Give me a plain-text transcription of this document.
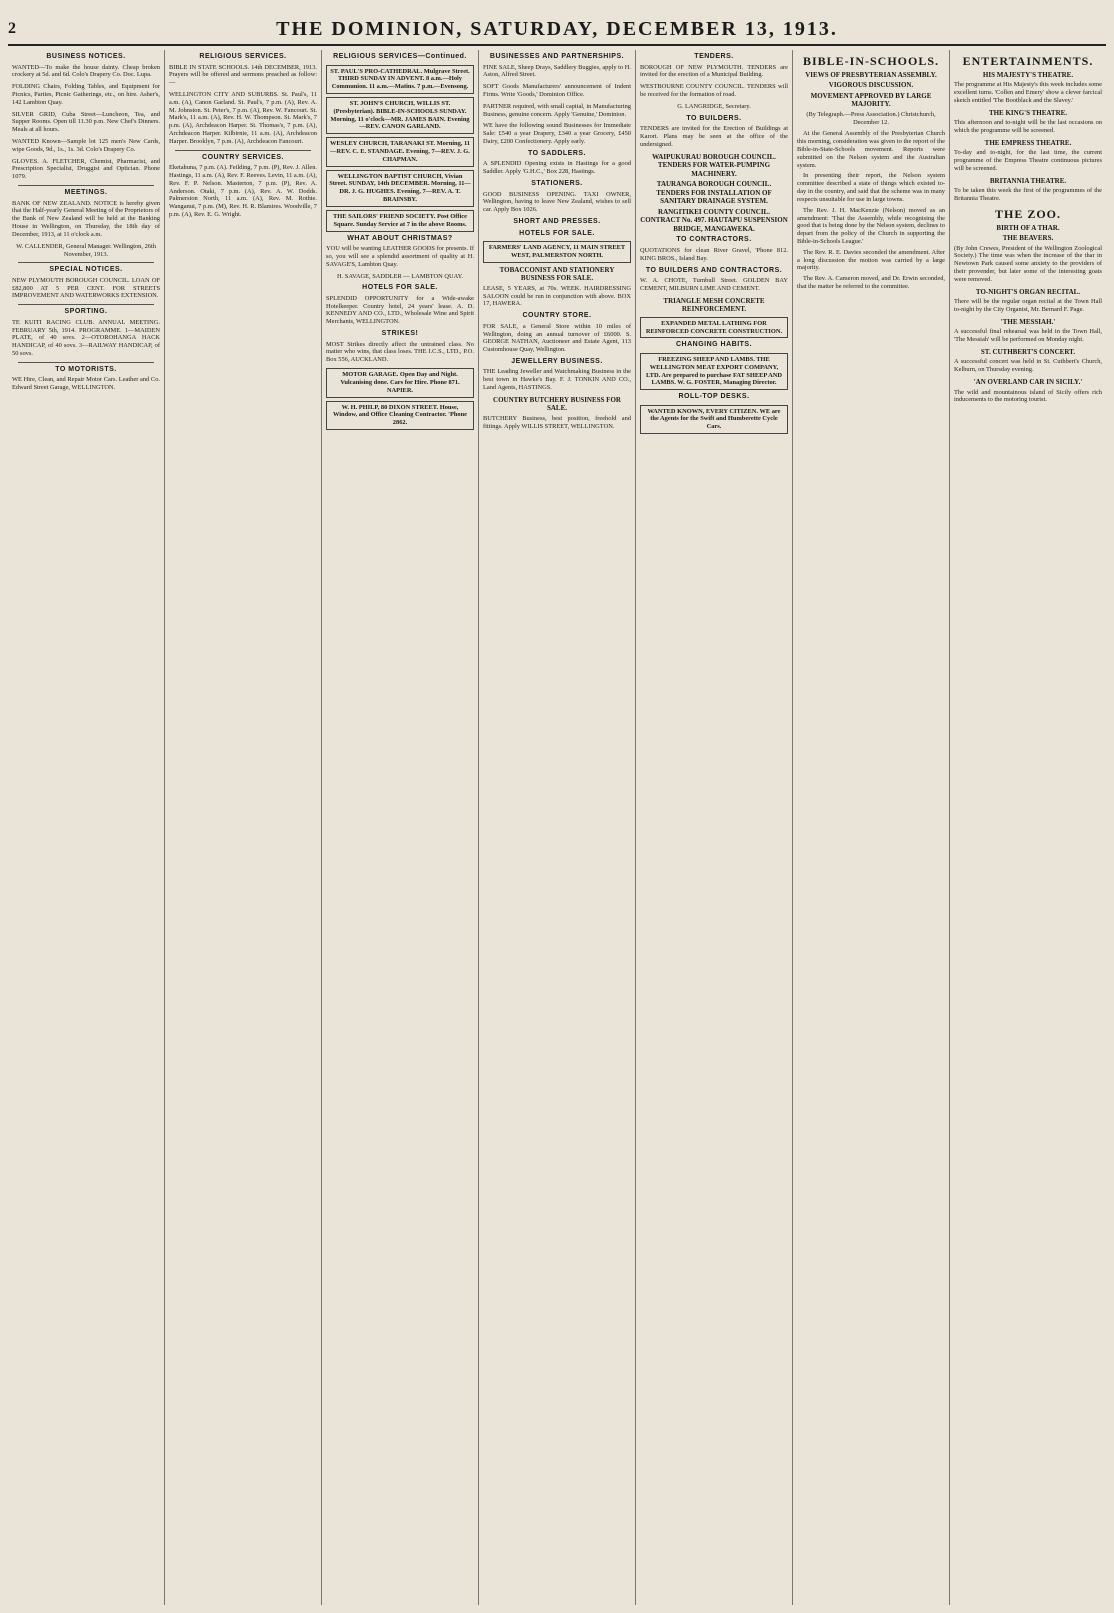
2	THE DOMINION, SATURDAY, DECEMBER 13, 1913.
BUSINESS NOTICES.
WANTED—To make the house dainty. Cheap broken crockery at 5d. and 6d. Colo's Drapery Co. Doc. Lupa.
FOLDING Chairs, Folding Tables, and Equipment for Picnics, Parties, Picnic Gatherings, etc., on hire. Asher's, 142 Lambton Quay.
SILVER GRID, Cuba Street—Luncheon, Tea, and Supper Rooms. Open till 11.30 p.m. New Chef's Dinners. Meals at all hours.
WANTED Known—Sample lot 125 men's New Cards, wipe Goods, 9d., 1s., 1s. 3d. Colo's Drapery Co.
GLOVES. A. FLETCHER, Chemist, Pharmacist, and Prescription Specialist, Druggist and Optician. Phone 1079.
MEETINGS.
BANK OF NEW ZEALAND. NOTICE is hereby given that the Half-yearly General Meeting of the Proprietors of the Bank of New Zealand will be held at the Banking House in Wellington, on Thursday, the 18th day of December, 1913, at 11 o'clock a.m.
W. CALLENDER, General Manager. Wellington, 26th November, 1913.
SPECIAL NOTICES.
NEW PLYMOUTH BOROUGH COUNCIL. LOAN OF £82,800 AT 5 PER CENT. FOR STREETS IMPROVEMENT AND WATERWORKS EXTENSION.
SPORTING.
TE KUITI RACING CLUB. ANNUAL MEETING. FEBRUARY 5th, 1914. PROGRAMME. 1—MAIDEN PLATE, of 40 sovs. 2—OTOROHANGA HACK HANDICAP, of 40 sovs. 3—RAILWAY HANDICAP, of 50 sovs.
TO MOTORISTS.
WE Hire, Clean, and Repair Motor Cars. Leather and Co. Edward Street Garage, WELLINGTON.
RELIGIOUS SERVICES.
BIBLE IN STATE SCHOOLS. 14th DECEMBER, 1913. Prayers will be offered and sermons preached as follow:—
WELLINGTON CITY AND SUBURBS. St. Paul's, 11 a.m. (A), Canon Garland. St. Paul's, 7 p.m. (A), Rev. A. M. Johnston. St. Peter's, 7 p.m. (A), Rev. W. Fancourt. St. Mark's, 11 a.m. (A), Rev. H. W. Thompson. St. Mark's, 7 p.m. (A), Archdeacon Harper. St. Thomas's, 7 p.m. (A), Archdeacon Harper. Kilbirnie, 11 a.m. (A), Archdeacon Harper. Brooklyn, 7 p.m. (A), Archdeacon Fancourt.
COUNTRY SERVICES.
Eketahuna, 7 p.m. (A). Feilding, 7 p.m. (P), Rev. J. Allen. Hastings, 11 a.m. (A), Rev. F. Reeves. Levin, 11 a.m. (A), Rev. F. P. Nelson. Masterton, 7 p.m. (P), Rev. A. Anderson. Otaki, 7 p.m. (A), Rev. A. W. Dodds. Palmerston North, 11 a.m. (A), Rev. M. Rothie. Wanganui, 7 p.m. (M), Rev. H. R. Blamires. Woodville, 7 p.m. (A), Rev. E. G. Wright.
RELIGIOUS SERVICES—Continued.
ST. PAUL'S PRO-CATHEDRAL. Mulgrave Street. THIRD SUNDAY IN ADVENT. 8 a.m.—Holy Communion. 11 a.m.—Matins. 7 p.m.—Evensong.
ST. JOHN'S CHURCH, WILLIS ST. (Presbyterian). BIBLE-IN-SCHOOLS SUNDAY. Morning, 11 o'clock—MR. JAMES BAIN. Evening—REV. CANON GARLAND.
WESLEY CHURCH, TARANAKI ST. Morning, 11—REV. C. E. STANDAGE. Evening, 7—REV. J. G. CHAPMAN.
WELLINGTON BAPTIST CHURCH, Vivian Street. SUNDAY, 14th DECEMBER. Morning, 11—DR. J. G. HUGHES. Evening, 7—REV. A. T. BRAINSBY.
THE SAILORS' FRIEND SOCIETY. Post Office Square. Sunday Service at 7 in the above Rooms.
WHAT ABOUT CHRISTMAS?
YOU will be wanting LEATHER GOODS for presents. If so, you will see a splendid assortment of quality at H. SAVAGE'S, Lambton Quay.
H. SAVAGE, SADDLER — LAMBTON QUAY.
HOTELS FOR SALE.
SPLENDID OPPORTUNITY for a Wide-awake Hotelkeeper. Country hotel, 24 years' lease. A. D. KENNEDY AND CO., LTD., Wholesale Wine and Spirit Merchants, WELLINGTON.
STRIKES!
MOST Strikes directly affect the untrained class. No matter who wins, that class loses. THE I.C.S., LTD., P.O. Box 556, AUCKLAND.
MOTOR GARAGE. Open Day and Night. Vulcanising done. Cars for Hire. Phone 871. NAPIER.
W. H. PHILP, 80 DIXON STREET. House, Window, and Office Cleaning Contractor. 'Phone 2862.
BUSINESSES AND PARTNERSHIPS.
FINE SALE, Sheep Drays, Saddlery Buggies, apply to H. Aston, Alfred Street.
SOFT Goods Manufacturers' announcement of Indent Firms. Write 'Goods,' Dominion Office.
PARTNER required, with small capital, in Manufacturing Business, genuine concern. Apply 'Genuine,' Dominion.
WE have the following sound Businesses for Immediate Sale: £540 a year Drapery, £340 a year Grocery, £450 Dairy, £200 Confectionery. Apply early.
TO SADDLERS.
A SPLENDID Opening exists in Hastings for a good Saddler. Apply 'G.H.C.,' Box 228, Hastings.
STATIONERS.
GOOD BUSINESS OPENING. TAXI OWNER, Wellington, having to leave New Zealand, wishes to sell car. Apply Box 1026.
SHORT AND PRESSES.
HOTELS FOR SALE.
FARMERS' LAND AGENCY, 11 MAIN STREET WEST, PALMERSTON NORTH.
TOBACCONIST AND STATIONERY BUSINESS FOR SALE.
LEASE, 5 YEARS, at 70s. WEEK. HAIRDRESSING SALOON could be run in conjunction with above. BOX 17, HAWERA.
COUNTRY STORE.
FOR SALE, a General Store within 10 miles of Wellington, doing an annual turnover of £6000. S. GEORGE NATHAN, Auctioneer and Estate Agent, 113 Customhouse Quay, Wellington.
JEWELLERY BUSINESS.
THE Leading Jeweller and Watchmaking Business in the best town in Hawke's Bay. F. J. TONKIN AND CO., Land Agents, HASTINGS.
COUNTRY BUTCHERY BUSINESS FOR SALE.
BUTCHERY Business, best position, freehold and fittings. Apply WILLIS STREET, WELLINGTON.
TENDERS.
BOROUGH OF NEW PLYMOUTH. TENDERS are invited for the erection of a Municipal Building.
WESTBOURNE COUNTY COUNCIL. TENDERS will be received for the formation of road.
G. LANGRIDGE, Secretary.
TO BUILDERS.
TENDERS are invited for the Erection of Buildings at Karori. Plans may be seen at the office of the undersigned.
WAIPUKURAU BOROUGH COUNCIL. TENDERS FOR WATER-PUMPING MACHINERY.
TAURANGA BOROUGH COUNCIL. TENDERS FOR INSTALLATION OF SANITARY DRAINAGE SYSTEM.
RANGITIKEI COUNTY COUNCIL. CONTRACT No. 497. HAUTAPU SUSPENSION BRIDGE, MANGAWEKA.
TO CONTRACTORS.
QUOTATIONS for clean River Gravel, 'Phone 812. KING BROS., Island Bay.
TO BUILDERS AND CONTRACTORS.
W. A. CHOTE, Turnbull Street. GOLDEN BAY CEMENT, MILBURN LIME AND CEMENT.
TRIANGLE MESH CONCRETE REINFORCEMENT.
EXPANDED METAL LATHING FOR REINFORCED CONCRETE CONSTRUCTION.
CHANGING HABITS.
FREEZING SHEEP AND LAMBS. THE WELLINGTON MEAT EXPORT COMPANY, LTD. Are prepared to purchase FAT SHEEP AND LAMBS. W. G. FOSTER, Managing Director.
ROLL-TOP DESKS.
WANTED KNOWN, EVERY CITIZEN. WE are the Agents for the Swift and Humberette Cycle Cars.
BIBLE-IN-SCHOOLS.
VIEWS OF PRESBYTERIAN ASSEMBLY.
VIGOROUS DISCUSSION.
MOVEMENT APPROVED BY LARGE MAJORITY.
(By Telegraph.—Press Association.) Christchurch, December 12.

At the General Assembly of the Presbyterian Church this morning, consideration was given to the report of the Bible-in-State-Schools movement. Reports were submitted on the Nelson system and the Australian system.

In presenting their report, the Nelson system committee described a state of things which existed to-day in the country, and said that the scheme was in many respects unsuitable for use in large towns.

The Rev. J. H. MacKenzie (Nelson) moved as an amendment: 'That the Assembly, while recognising the good that is being done by the Nelson system, declines to depart from the policy of the Church in supporting the Bible-in-Schools League.'

The Rev. R. E. Davies seconded the amendment. After a long discussion the motion was carried by a large majority.

The Rev. A. Cameron moved, and Dr. Erwin seconded, that the matter be referred to the committee.

ENTERTAINMENTS.
HIS MAJESTY'S THEATRE.
The programme at His Majesty's this week includes some excellent turns. 'Collen and Emery' show a clever farcical sketch entitled 'The Bootblack and the Slavey.'
THE KING'S THEATRE.
This afternoon and to-night will be the last occasions on which the programme will be screened.
THE EMPRESS THEATRE.
To-day and to-night, for the last time, the current programme of the Empress Theatre continuous pictures will be screened.
BRITANNIA THEATRE.
To be taken this week the first of the programmes of the Britannia Theatre.
THE ZOO.
BIRTH OF A THAR.
THE BEAVERS.
(By John Crewes, President of the Wellington Zoological Society.) The time was when the increase of the thar in Newtown Park caused some anxiety to the providers of their provender, but later some of the interesting goats were removed.
TO-NIGHT'S ORGAN RECITAL.
There will be the regular organ recital at the Town Hall to-night by the City Organist, Mr. Bernard F. Page.
'THE MESSIAH.'
A successful final rehearsal was held in the Town Hall, 'The Messiah' will be performed on Monday night.
ST. CUTHBERT'S CONCERT.
A successful concert was held in St. Cuthbert's Church, Kelburn, on Thursday evening.
'AN OVERLAND CAR IN SICILY.'
The wild and mountainous island of Sicily offers rich inducements to the motoring tourist.
